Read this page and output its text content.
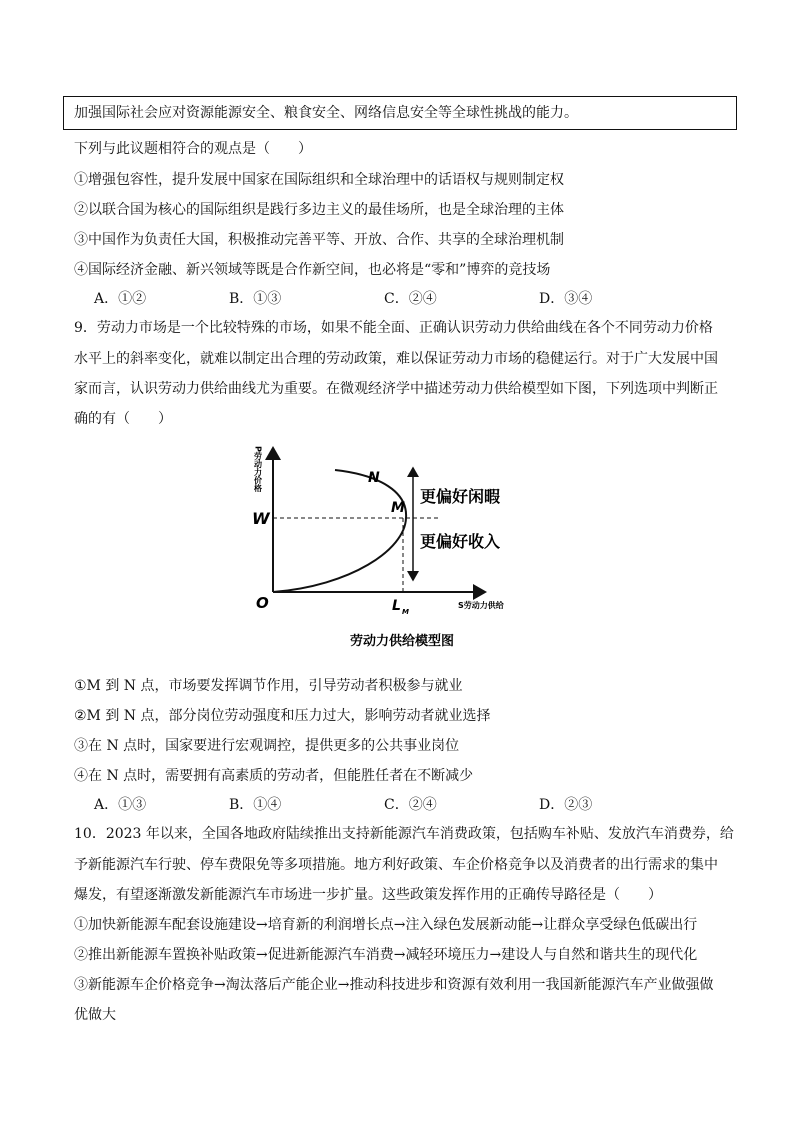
加强国际社会应对资源能源安全、粮食安全、网络信息安全等全球性挑战的能力。
下列与此议题相符合的观点是（　　）
①增强包容性，提升发展中国家在国际组织和全球治理中的话语权与规则制定权
②以联合国为核心的国际组织是践行多边主义的最佳场所，也是全球治理的主体
③中国作为负责任大国，积极推动完善平等、开放、合作、共享的全球治理机制
④国际经济金融、新兴领域等既是合作新空间，也必将是“零和”博弈的竞技场
A．①②	B．①③	C．②④	D．③④
9．劳动力市场是一个比较特殊的市场，如果不能全面、正确认识劳动力供给曲线在各个不同劳动力价格
水平上的斜率变化，就难以制定出合理的劳动政策，难以保证劳动力市场的稳健运行。对于广大发展中国
家而言，认识劳动力供给曲线尤为重要。在微观经济学中描述劳动力供给模型如下图，下列选项中判断正
确的有（　　）
P劳动力价格
S劳动力供给
O
W
N
M
L M
更偏好闲暇
更偏好收入
劳动力供给模型图
①M 到 N 点，市场要发挥调节作用，引导劳动者积极参与就业
②M 到 N 点，部分岗位劳动强度和压力过大，影响劳动者就业选择
③在 N 点时，国家要进行宏观调控，提供更多的公共事业岗位
④在 N 点时，需要拥有高素质的劳动者，但能胜任者在不断减少
A．①③	B．①④	C．②④	D．②③
10．2023 年以来，全国各地政府陆续推出支持新能源汽车消费政策，包括购车补贴、发放汽车消费券，给
予新能源汽车行驶、停车费限免等多项措施。地方利好政策、车企价格竞争以及消费者的出行需求的集中
爆发，有望逐渐激发新能源汽车市场进一步扩量。这些政策发挥作用的正确传导路径是（　　）
①加快新能源车配套设施建设→培育新的利润增长点→注入绿色发展新动能→让群众享受绿色低碳出行
②推出新能源车置换补贴政策→促进新能源汽车消费→减轻环境压力→建设人与自然和谐共生的现代化
③新能源车企价格竞争→淘汰落后产能企业→推动科技进步和资源有效利用一我国新能源汽车产业做强做
优做大
